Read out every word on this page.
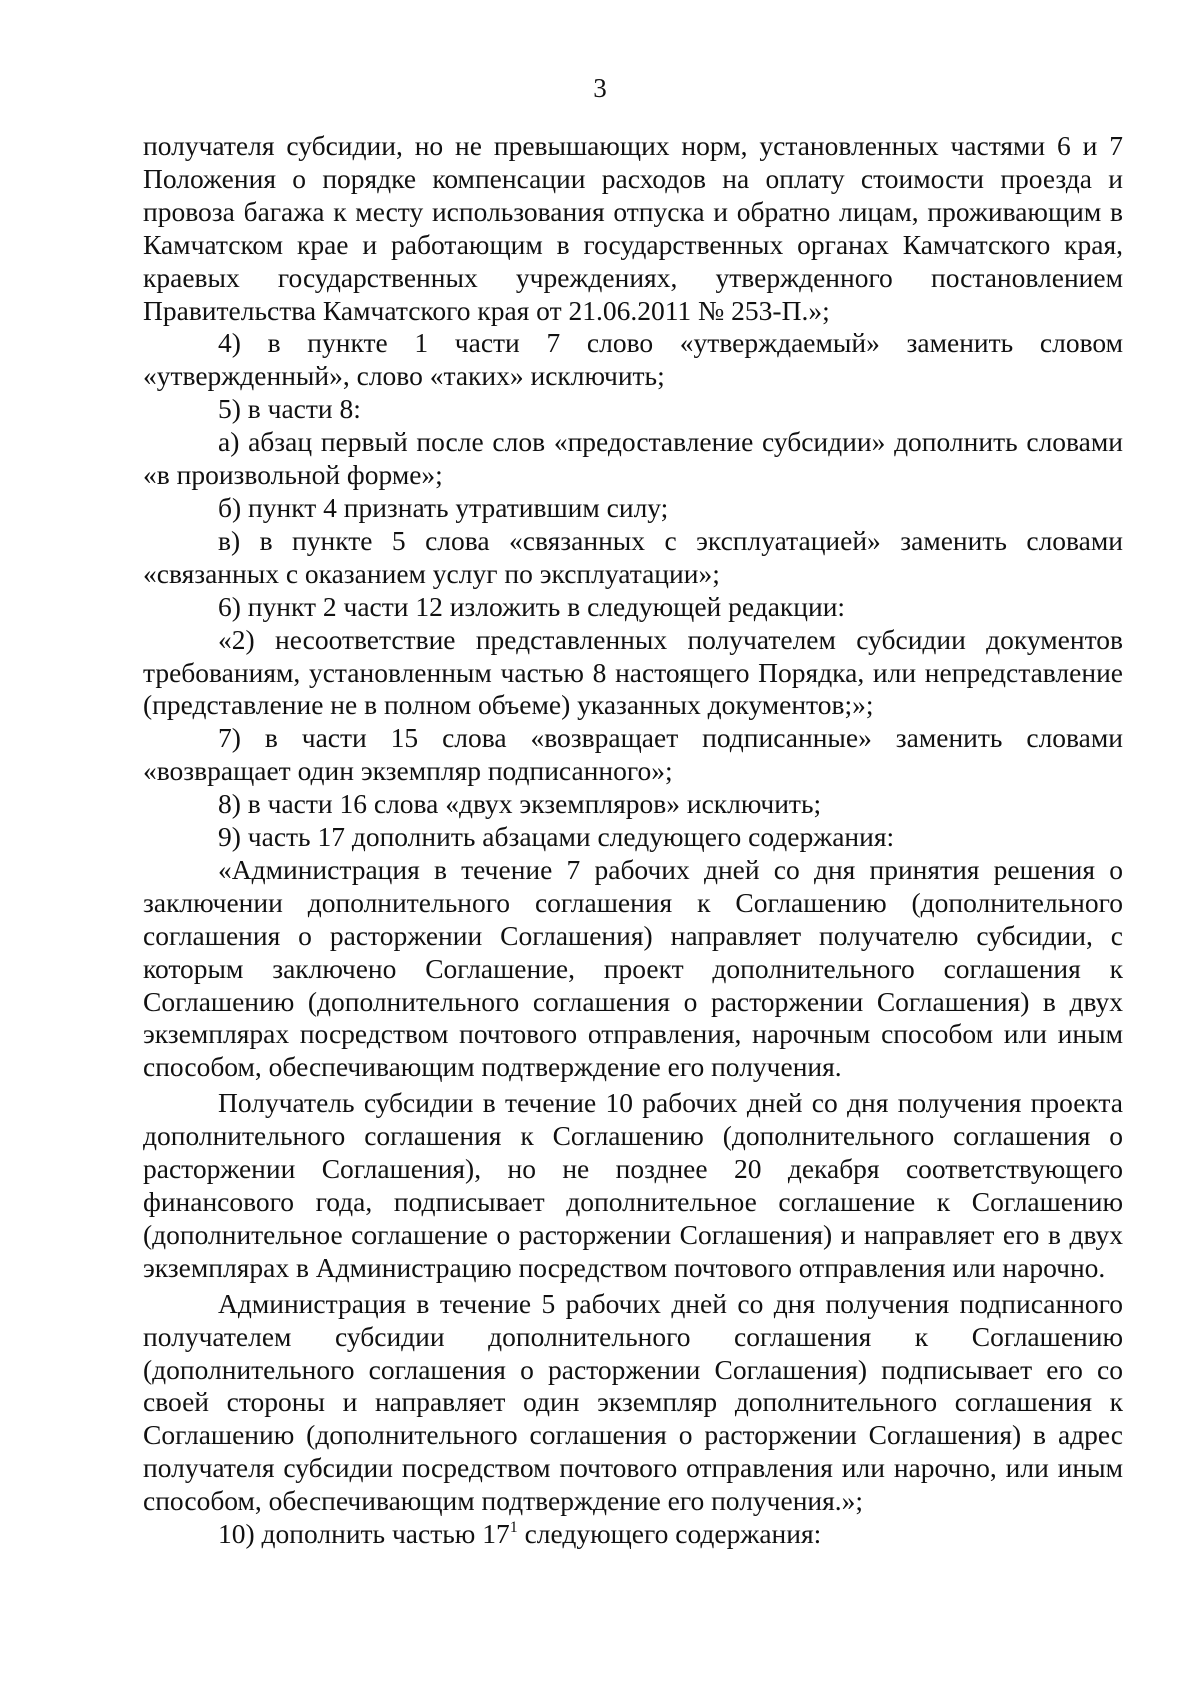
3

получателя субсидии, но не превышающих норм, установленных частями 6 и 7 Положения о порядке компенсации расходов на оплату стоимости проезда и провоза багажа к месту использования отпуска и обратно лицам, проживающим в Камчатском крае и работающим в государственных органах Камчатского края, краевых государственных учреждениях, утвержденного постановлением Правительства Камчатского края от 21.06.2011 № 253-П.»;

4) в пункте 1 части 7 слово «утверждаемый» заменить словом «утвержденный», слово «таких» исключить;

5) в части 8:

а) абзац первый после слов «предоставление субсидии» дополнить словами «в произвольной форме»;

б) пункт 4 признать утратившим силу;

в) в пункте 5 слова «связанных с эксплуатацией» заменить словами «связанных с оказанием услуг по эксплуатации»;

6) пункт 2 части 12 изложить в следующей редакции:

«2) несоответствие представленных получателем субсидии документов требованиям, установленным частью 8 настоящего Порядка, или непредставление (представление не в полном объеме) указанных документов;»;

7) в части 15 слова «возвращает подписанные» заменить словами «возвращает один экземпляр подписанного»;

8) в части 16 слова «двух экземпляров» исключить;

9) часть 17 дополнить абзацами следующего содержания:

«Администрация в течение 7 рабочих дней со дня принятия решения о заключении дополнительного соглашения к Соглашению (дополнительного соглашения о расторжении Соглашения) направляет получателю субсидии, с которым заключено Соглашение, проект дополнительного соглашения к Соглашению (дополнительного соглашения о расторжении Соглашения) в двух экземплярах посредством почтового отправления, нарочным способом или иным способом, обеспечивающим подтверждение его получения.

Получатель субсидии в течение 10 рабочих дней со дня получения проекта дополнительного соглашения к Соглашению (дополнительного соглашения о расторжении Соглашения), но не позднее 20 декабря соответствующего финансового года, подписывает дополнительное соглашение к Соглашению (дополнительное соглашение о расторжении Соглашения) и направляет его в двух экземплярах в Администрацию посредством почтового отправления или нарочно.

Администрация в течение 5 рабочих дней со дня получения подписанного получателем субсидии дополнительного соглашения к Соглашению (дополнительного соглашения о расторжении Соглашения) подписывает его со своей стороны и направляет один экземпляр дополнительного соглашения к Соглашению (дополнительного соглашения о расторжении Соглашения) в адрес получателя субсидии посредством почтового отправления или нарочно, или иным способом, обеспечивающим подтверждение его получения.»;

10) дополнить частью $17^1$ следующего содержания:
